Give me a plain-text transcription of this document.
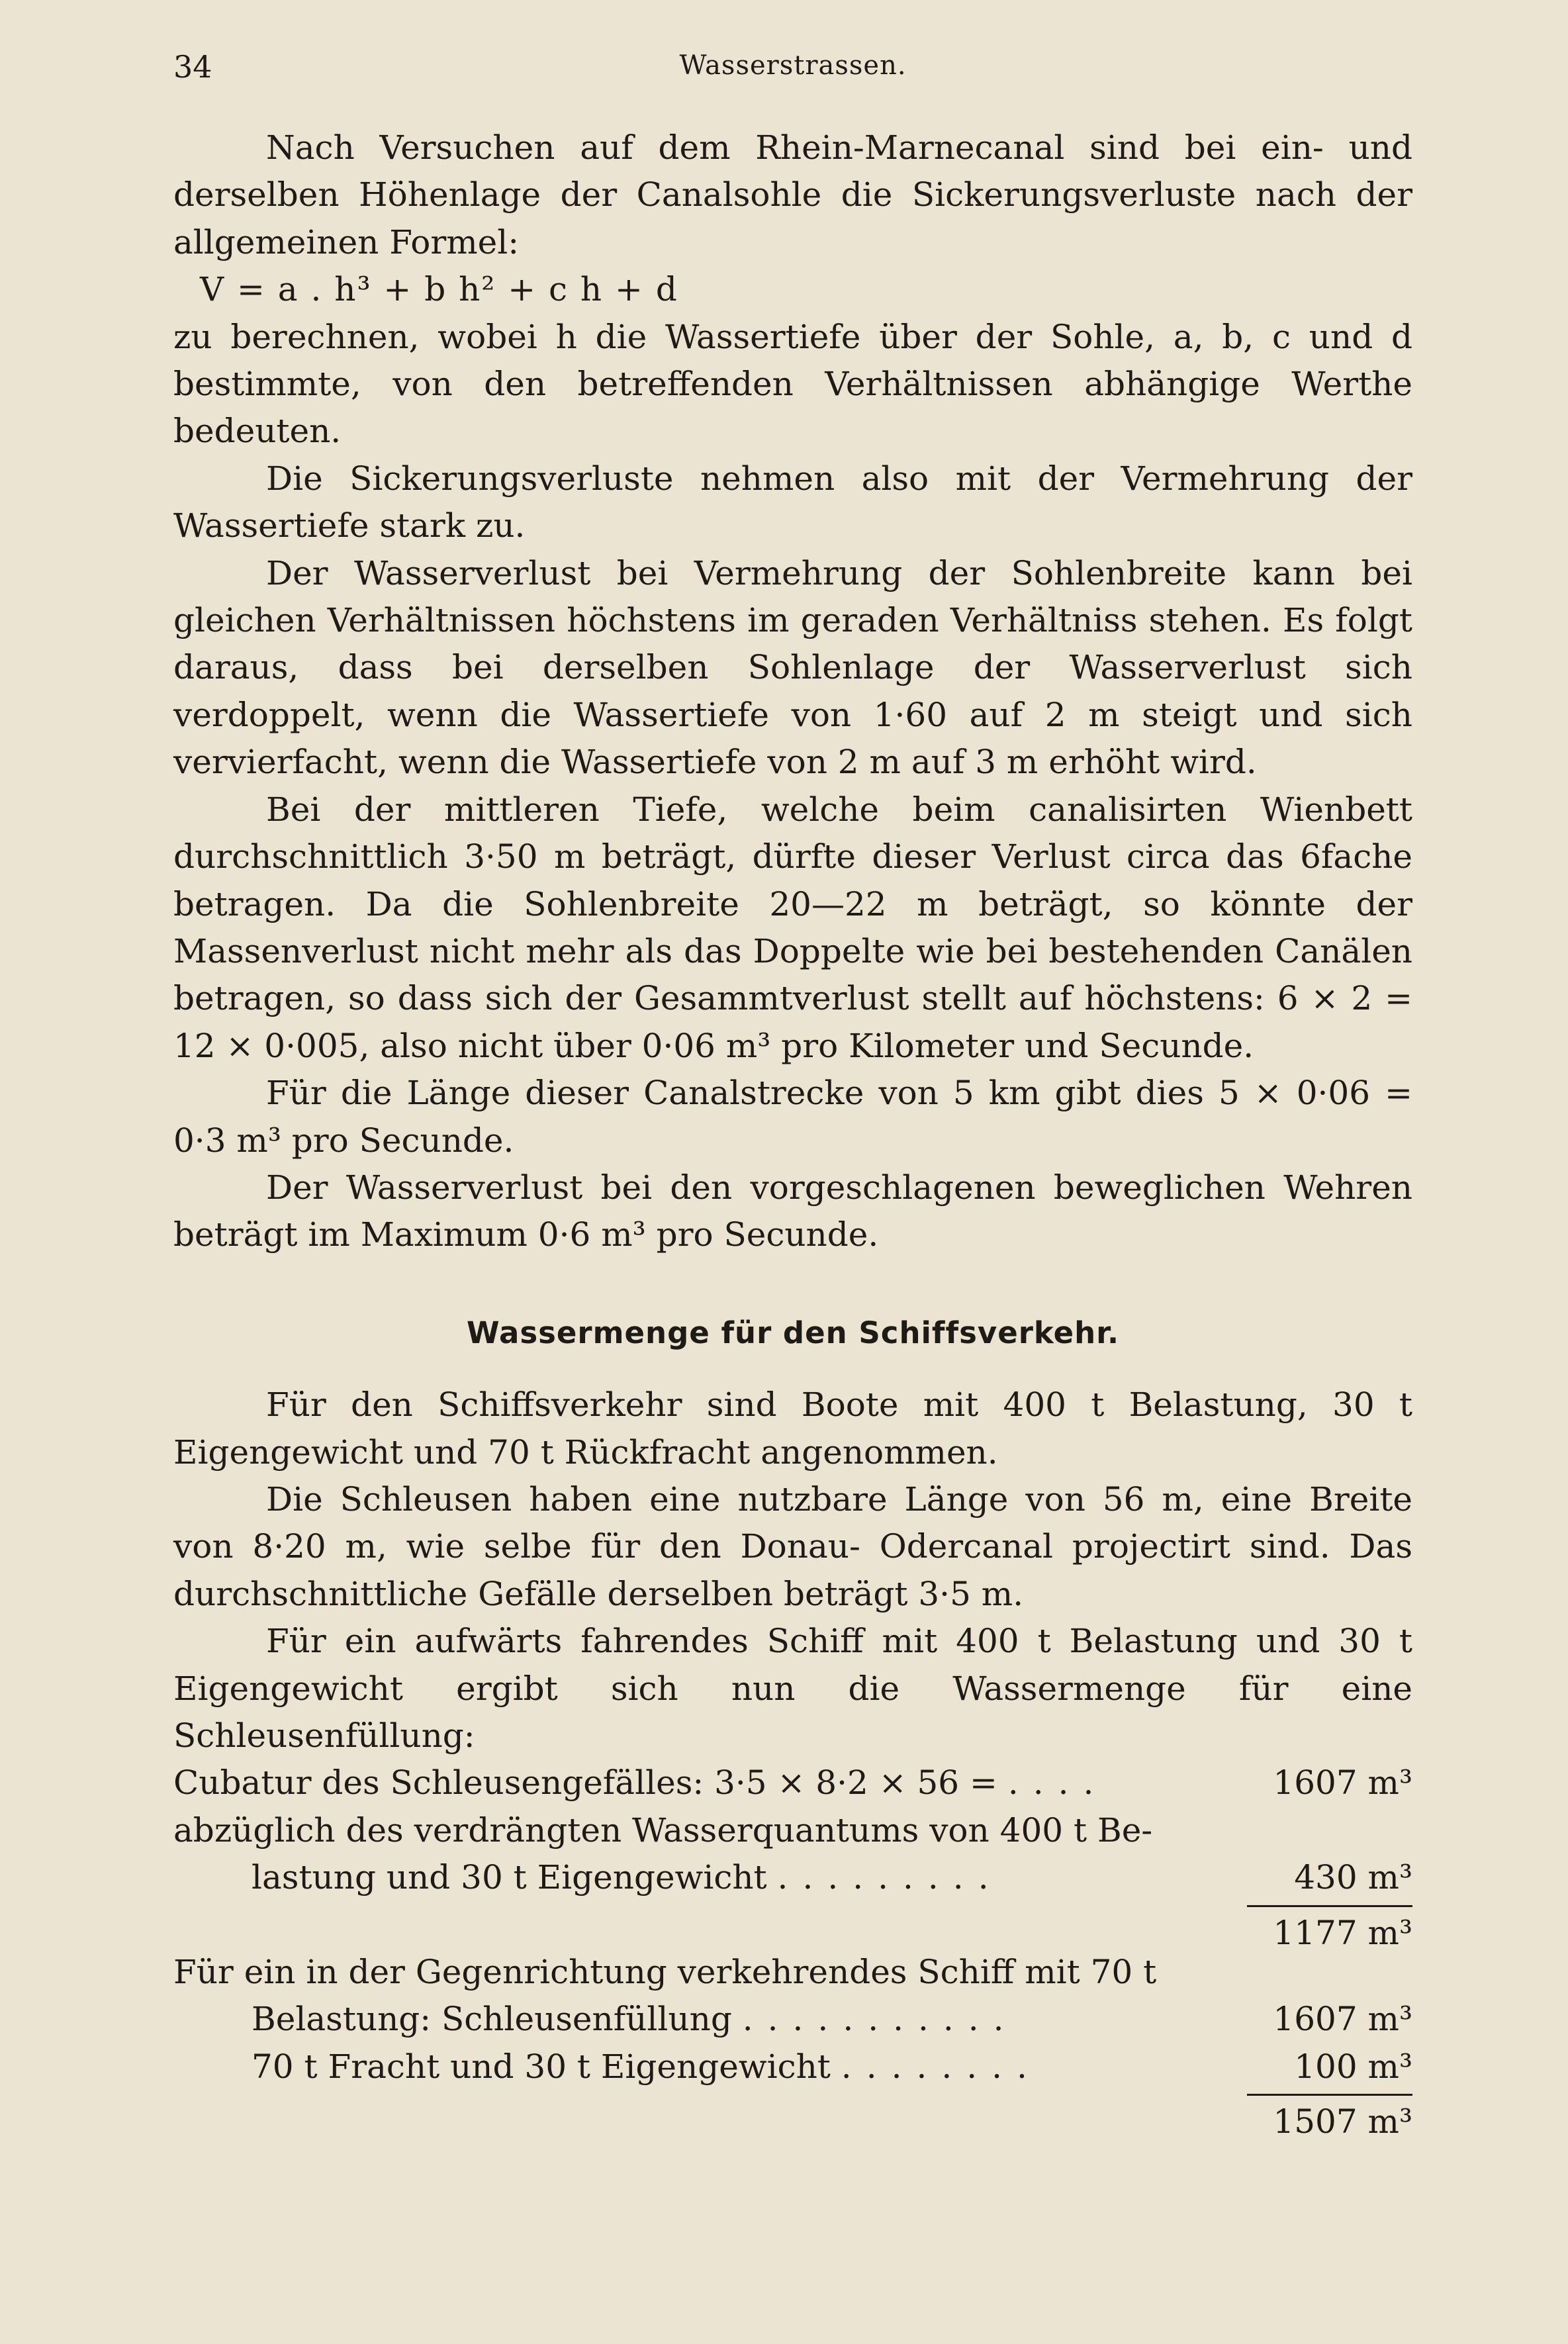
34	Wasserstrassen.

Nach Versuchen auf dem Rhein-Marnecanal sind bei ein- und derselben Höhenlage der Canalsohle die Sickerungsverluste nach der allgemeinen Formel:

V = a . h³ + b h² + c h + d

zu berechnen, wobei h die Wassertiefe über der Sohle, a, b, c und d bestimmte, von den betreffenden Verhältnissen abhängige Werthe bedeuten.

Die Sickerungsverluste nehmen also mit der Vermehrung der Wassertiefe stark zu.

Der Wasserverlust bei Vermehrung der Sohlenbreite kann bei gleichen Verhältnissen höchstens im geraden Verhältniss stehen. Es folgt daraus, dass bei derselben Sohlenlage der Wasserverlust sich verdoppelt, wenn die Wassertiefe von 1·60 auf 2 m steigt und sich vervierfacht, wenn die Wassertiefe von 2 m auf 3 m erhöht wird.

Bei der mittleren Tiefe, welche beim canalisirten Wienbett durchschnittlich 3·50 m beträgt, dürfte dieser Verlust circa das 6fache betragen. Da die Sohlenbreite 20—22 m beträgt, so könnte der Massenverlust nicht mehr als das Doppelte wie bei bestehenden Canälen betragen, so dass sich der Gesammtverlust stellt auf höchstens: 6 × 2 = 12 × 0·005, also nicht über 0·06 m³ pro Kilometer und Secunde.

Für die Länge dieser Canalstrecke von 5 km gibt dies 5 × 0·06 = 0·3 m³ pro Secunde.

Der Wasserverlust bei den vorgeschlagenen beweglichen Wehren beträgt im Maximum 0·6 m³ pro Secunde.

Wassermenge für den Schiffsverkehr.

Für den Schiffsverkehr sind Boote mit 400 t Belastung, 30 t Eigengewicht und 70 t Rückfracht angenommen.

Die Schleusen haben eine nutzbare Länge von 56 m, eine Breite von 8·20 m, wie selbe für den Donau- Odercanal projectirt sind. Das durchschnittliche Gefälle derselben beträgt 3·5 m.

Für ein aufwärts fahrendes Schiff mit 400 t Belastung und 30 t Eigengewicht ergibt sich nun die Wassermenge für eine Schleusenfüllung:

Cubatur des Schleusengefälles: 3·5 × 8·2 × 56 = ....	1607 m³
abzüglich des verdrängten Wasserquantums von 400 t Be-
lastung und 30 t Eigengewicht .........	430 m³
1177 m³
Für ein in der Gegenrichtung verkehrendes Schiff mit 70 t
Belastung: Schleusenfüllung ...........	1607 m³
70 t Fracht und 30 t Eigengewicht ........	100 m³
1507 m³
